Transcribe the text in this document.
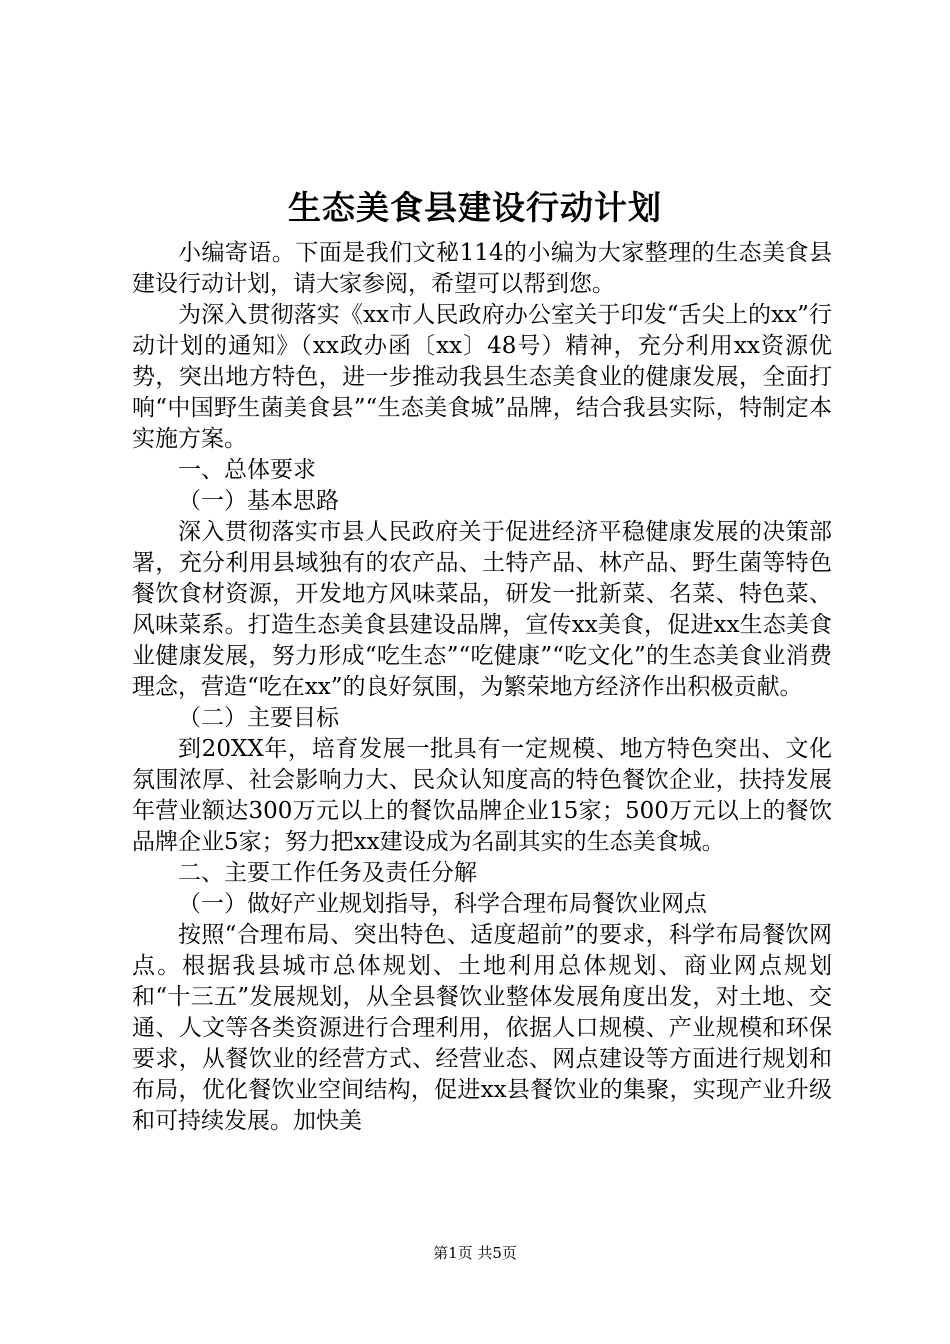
生态美食县建设行动计划

小编寄语。下面是我们文秘114的小编为大家整理的生态美食县建设行动计划，请大家参阅，希望可以帮到您。

为深入贯彻落实《xx市人民政府办公室关于印发“舌尖上的xx”行动计划的通知》（xx政办函〔xx〕48号）精神，充分利用xx资源优势，突出地方特色，进一步推动我县生态美食业的健康发展，全面打响“中国野生菌美食县”“生态美食城”品牌，结合我县实际，特制定本实施方案。

一、总体要求

（一）基本思路

深入贯彻落实市县人民政府关于促进经济平稳健康发展的决策部署，充分利用县域独有的农产品、土特产品、林产品、野生菌等特色餐饮食材资源，开发地方风味菜品，研发一批新菜、名菜、特色菜、风味菜系。打造生态美食县建设品牌，宣传xx美食，促进xx生态美食业健康发展，努力形成“吃生态”“吃健康”“吃文化”的生态美食业消费理念，营造“吃在xx”的良好氛围，为繁荣地方经济作出积极贡献。

（二）主要目标

到20XX年，培育发展一批具有一定规模、地方特色突出、文化氛围浓厚、社会影响力大、民众认知度高的特色餐饮企业，扶持发展年营业额达300万元以上的餐饮品牌企业15家；500万元以上的餐饮品牌企业5家；努力把xx建设成为名副其实的生态美食城。

二、主要工作任务及责任分解

（一）做好产业规划指导，科学合理布局餐饮业网点

按照“合理布局、突出特色、适度超前”的要求，科学布局餐饮网点。根据我县城市总体规划、土地利用总体规划、商业网点规划和“十三五”发展规划，从全县餐饮业整体发展角度出发，对土地、交通、人文等各类资源进行合理利用，依据人口规模、产业规模和环保要求，从餐饮业的经营方式、经营业态、网点建设等方面进行规划和布局，优化餐饮业空间结构，促进xx县餐饮业的集聚，实现产业升级和可持续发展。加快美

第1页 共5页
